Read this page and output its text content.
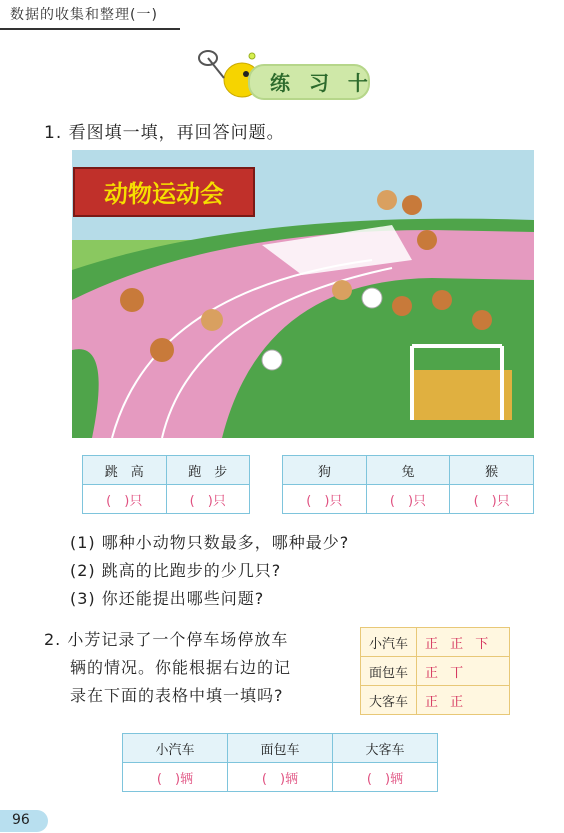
数据的收集和整理(一)
练 习 十
1. 看图填一填，再回答问题。
动物运动会
跳　高	跑　步
(　)只	(　)只
狗	兔	猴
(　)只	(　)只	(　)只
(1) 哪种小动物只数最多，哪种最少?
(2) 跳高的比跑步的少几只?
(3) 你还能提出哪些问题?
2. 小芳记录了一个停车场停放车
辆的情况。你能根据右边的记
录在下面的表格中填一填吗?
小汽车	正 正 下
面包车	正 丅
大客车	正 正
小汽车	面包车	大客车
(　)辆	(　)辆	(　)辆
96
